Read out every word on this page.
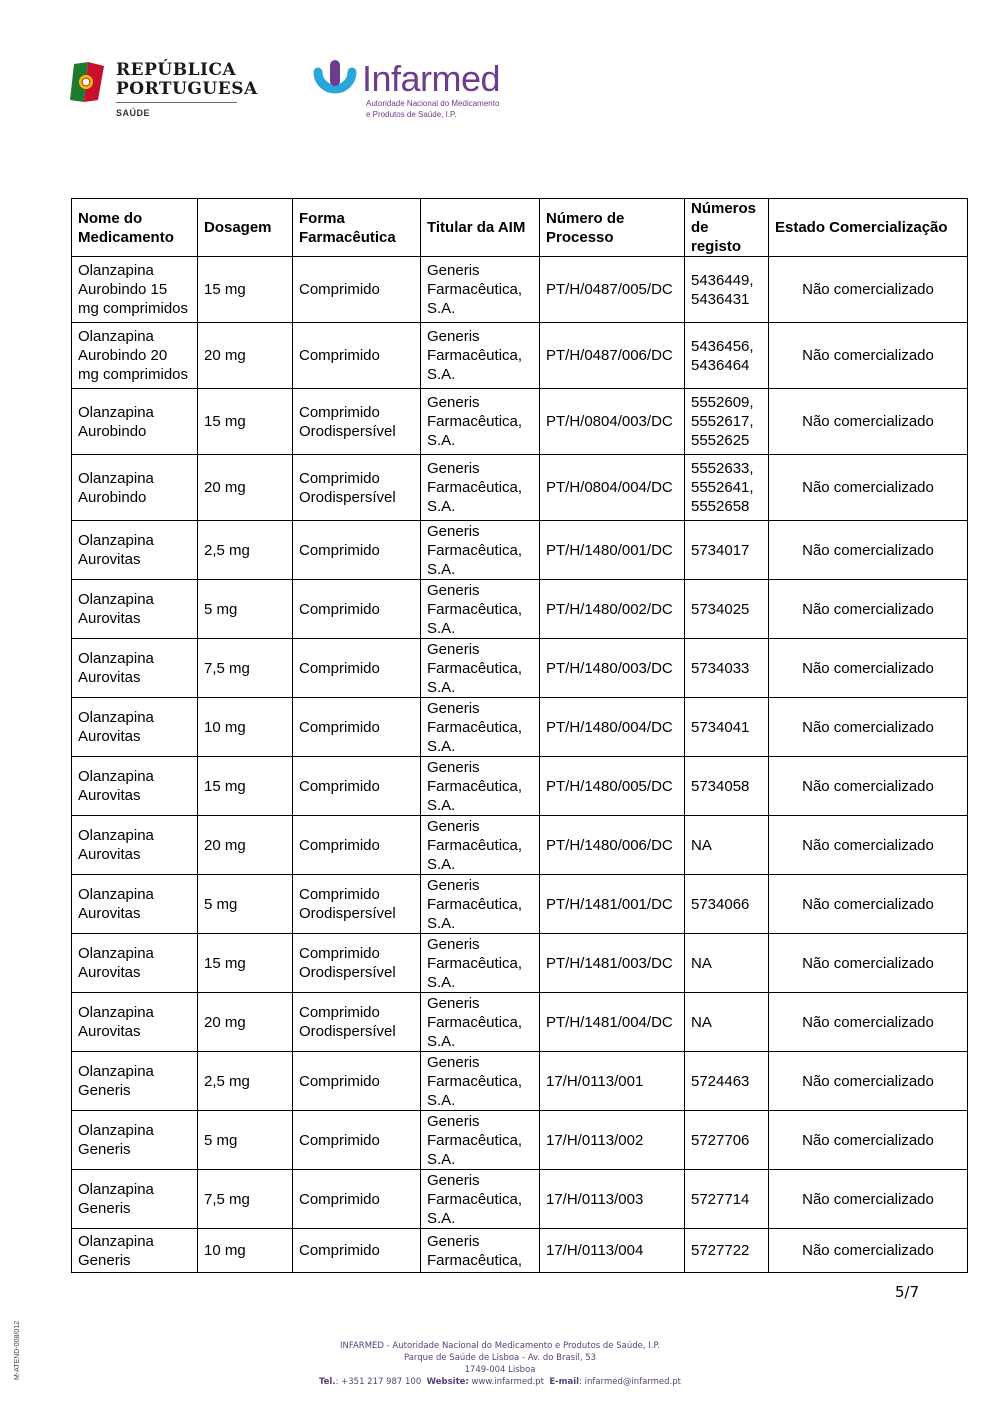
REPÚBLICA
PORTUGUESA
SAÚDE
Infarmed
Autoridade Nacional do Medicamento
e Produtos de Saúde, I.P.
Nome do Medicamento	Dosagem	Forma Farmacêutica	Titular da AIM	Número de Processo	Números de registo	Estado Comercialização
Olanzapina Aurobindo 15 mg comprimidos	15 mg	Comprimido	Generis Farmacêutica, S.A.	PT/H/0487/005/DC	5436449, 5436431	Não comercializado
Olanzapina Aurobindo 20 mg comprimidos	20 mg	Comprimido	Generis Farmacêutica, S.A.	PT/H/0487/006/DC	5436456, 5436464	Não comercializado
Olanzapina Aurobindo	15 mg	Comprimido Orodispersível	Generis Farmacêutica, S.A.	PT/H/0804/003/DC	5552609, 5552617, 5552625	Não comercializado
Olanzapina Aurobindo	20 mg	Comprimido Orodispersível	Generis Farmacêutica, S.A.	PT/H/0804/004/DC	5552633, 5552641, 5552658	Não comercializado
Olanzapina Aurovitas	2,5 mg	Comprimido	Generis Farmacêutica, S.A.	PT/H/1480/001/DC	5734017	Não comercializado
Olanzapina Aurovitas	5 mg	Comprimido	Generis Farmacêutica, S.A.	PT/H/1480/002/DC	5734025	Não comercializado
Olanzapina Aurovitas	7,5 mg	Comprimido	Generis Farmacêutica, S.A.	PT/H/1480/003/DC	5734033	Não comercializado
Olanzapina Aurovitas	10 mg	Comprimido	Generis Farmacêutica, S.A.	PT/H/1480/004/DC	5734041	Não comercializado
Olanzapina Aurovitas	15 mg	Comprimido	Generis Farmacêutica, S.A.	PT/H/1480/005/DC	5734058	Não comercializado
Olanzapina Aurovitas	20 mg	Comprimido	Generis Farmacêutica, S.A.	PT/H/1480/006/DC	NA	Não comercializado
Olanzapina Aurovitas	5 mg	Comprimido Orodispersível	Generis Farmacêutica, S.A.	PT/H/1481/001/DC	5734066	Não comercializado
Olanzapina Aurovitas	15 mg	Comprimido Orodispersível	Generis Farmacêutica, S.A.	PT/H/1481/003/DC	NA	Não comercializado
Olanzapina Aurovitas	20 mg	Comprimido Orodispersível	Generis Farmacêutica, S.A.	PT/H/1481/004/DC	NA	Não comercializado
Olanzapina Generis	2,5 mg	Comprimido	Generis Farmacêutica, S.A.	17/H/0113/001	5724463	Não comercializado
Olanzapina Generis	5 mg	Comprimido	Generis Farmacêutica, S.A.	17/H/0113/002	5727706	Não comercializado
Olanzapina Generis	7,5 mg	Comprimido	Generis Farmacêutica, S.A.	17/H/0113/003	5727714	Não comercializado
Olanzapina Generis	10 mg	Comprimido	Generis Farmacêutica,	17/H/0113/004	5727722	Não comercializado
5/7
M-ATEND-008/012	INFARMED - Autoridade Nacional do Medicamento e Produtos de Saúde, I.P.
Parque de Saúde de Lisboa - Av. do Brasil, 53
1749-004 Lisboa
Tel.: +351 217 987 100 Website: www.infarmed.pt E-mail: infarmed@infarmed.pt
